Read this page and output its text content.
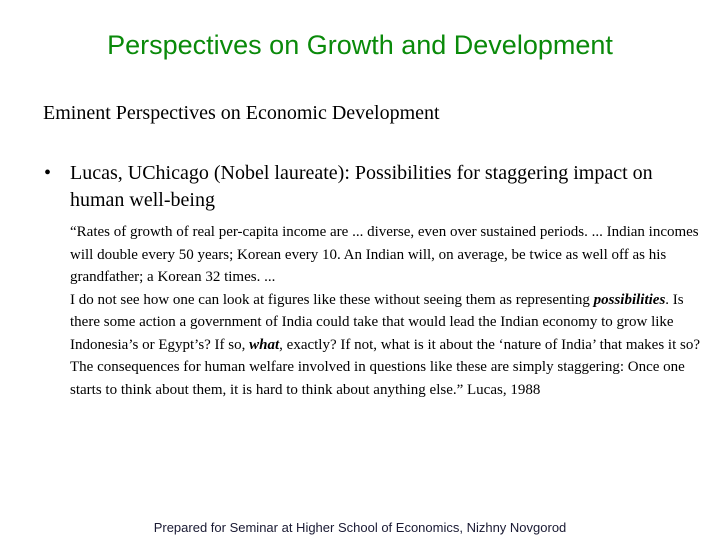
Perspectives on Growth and Development
Eminent Perspectives on Economic Development
• Lucas, UChicago (Nobel laureate): Possibilities for staggering impact on human well-being

“Rates of growth of real per-capita income are ... diverse, even over sustained periods. ... Indian incomes will double every 50 years; Korean every 10. An Indian will, on average, be twice as well off as his grandfather; a Korean 32 times. ...

I do not see how one can look at figures like these without seeing them as representing possibilities. Is there some action a government of India could take that would lead the Indian economy to grow like Indonesia’s or Egypt’s? If so, what, exactly? If not, what is it about the ‘nature of India’ that makes it so? The consequences for human welfare involved in questions like these are simply staggering: Once one starts to think about them, it is hard to think about anything else.” Lucas, 1988

Prepared for Seminar at Higher School of Economics, Nizhny Novgorod
